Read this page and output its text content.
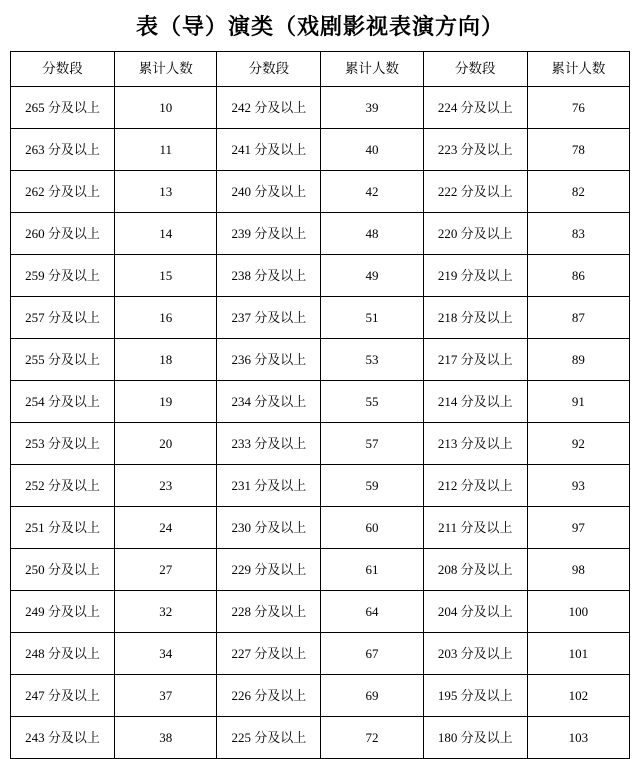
表（导）演类（戏剧影视表演方向）
分数段	累计人数	分数段	累计人数	分数段	累计人数
265 分及以上	10	242 分及以上	39	224 分及以上	76
263 分及以上	11	241 分及以上	40	223 分及以上	78
262 分及以上	13	240 分及以上	42	222 分及以上	82
260 分及以上	14	239 分及以上	48	220 分及以上	83
259 分及以上	15	238 分及以上	49	219 分及以上	86
257 分及以上	16	237 分及以上	51	218 分及以上	87
255 分及以上	18	236 分及以上	53	217 分及以上	89
254 分及以上	19	234 分及以上	55	214 分及以上	91
253 分及以上	20	233 分及以上	57	213 分及以上	92
252 分及以上	23	231 分及以上	59	212 分及以上	93
251 分及以上	24	230 分及以上	60	211 分及以上	97
250 分及以上	27	229 分及以上	61	208 分及以上	98
249 分及以上	32	228 分及以上	64	204 分及以上	100
248 分及以上	34	227 分及以上	67	203 分及以上	101
247 分及以上	37	226 分及以上	69	195 分及以上	102
243 分及以上	38	225 分及以上	72	180 分及以上	103
